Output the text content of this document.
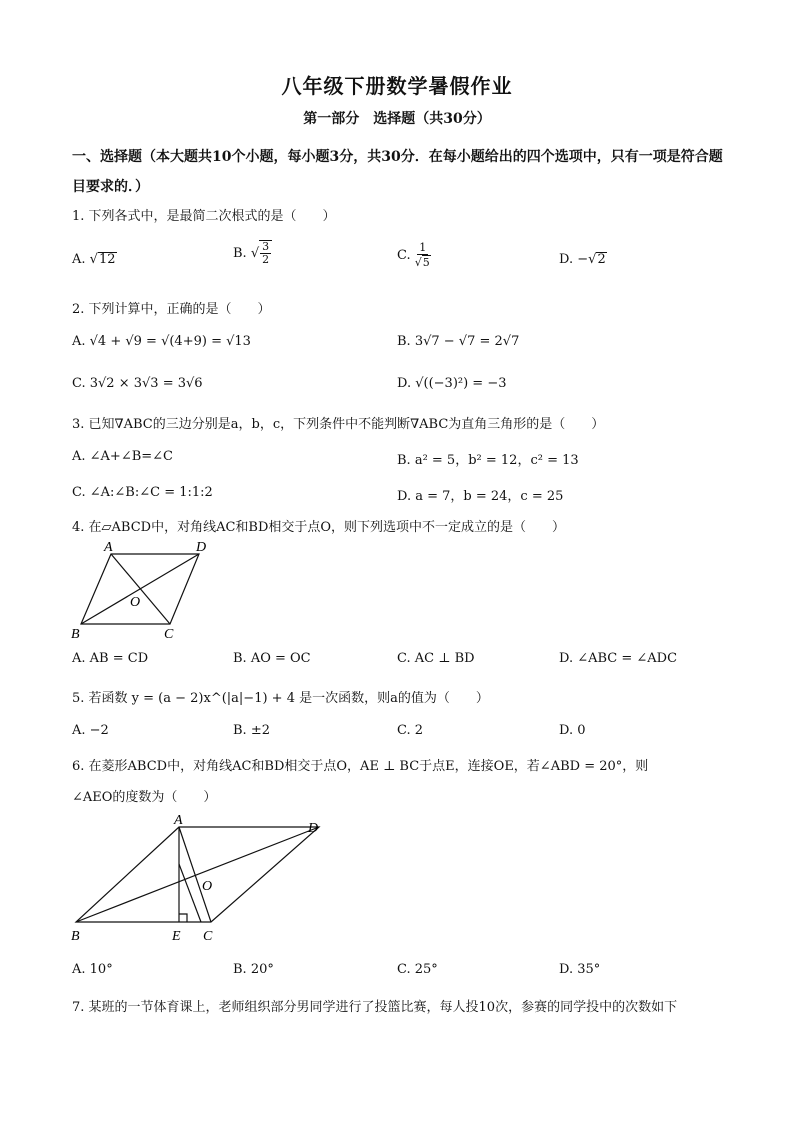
八年级下册数学暑假作业
第一部分　选择题（共30分）
一、选择题（本大题共10个小题，每小题3分，共30分．在每小题给出的四个选项中，只有一项是符合题目要求的．）
1. 下列各式中，是最简二次根式的是（　　）
A. √12	B. √ $\frac{3}{2}$	C. $\frac{1}{√5}$	D. −√2
2. 下列计算中，正确的是（　　）
A. √4 + √9 = √(4+9) = √13	B. 3√7 − √7 = 2√7
C. 3√2 × 3√3 = 3√6	D. √((−3)²) = −3
3. 已知∇ABC的三边分别是a，b，c，下列条件中不能判断∇ABC为直角三角形的是（　　）
A. ∠A+∠B=∠C	B. a² = 5，b² = 12，c² = 13
C. ∠A:∠B:∠C = 1:1:2	D. a = 7，b = 24，c = 25
4. 在▱ABCD中，对角线AC和BD相交于点O，则下列选项中不一定成立的是（　　）
A	D
B	C
O
A. AB = CD	B. AO = OC	C. AC ⊥ BD	D. ∠ABC = ∠ADC
5. 若函数 y = (a − 2)x^(|a|−1) + 4 是一次函数，则a的值为（　　）
A. −2	B. ±2	C. 2	D. 0
6. 在菱形ABCD中，对角线AC和BD相交于点O，AE ⊥ BC于点E，连接OE，若∠ABD = 20°，则
∠AEO的度数为（　　）
A
D
B	E C
O
A. 10°	B. 20°	C. 25°	D. 35°
7. 某班的一节体育课上，老师组织部分男同学进行了投篮比赛，每人投10次，参赛的同学投中的次数如下
